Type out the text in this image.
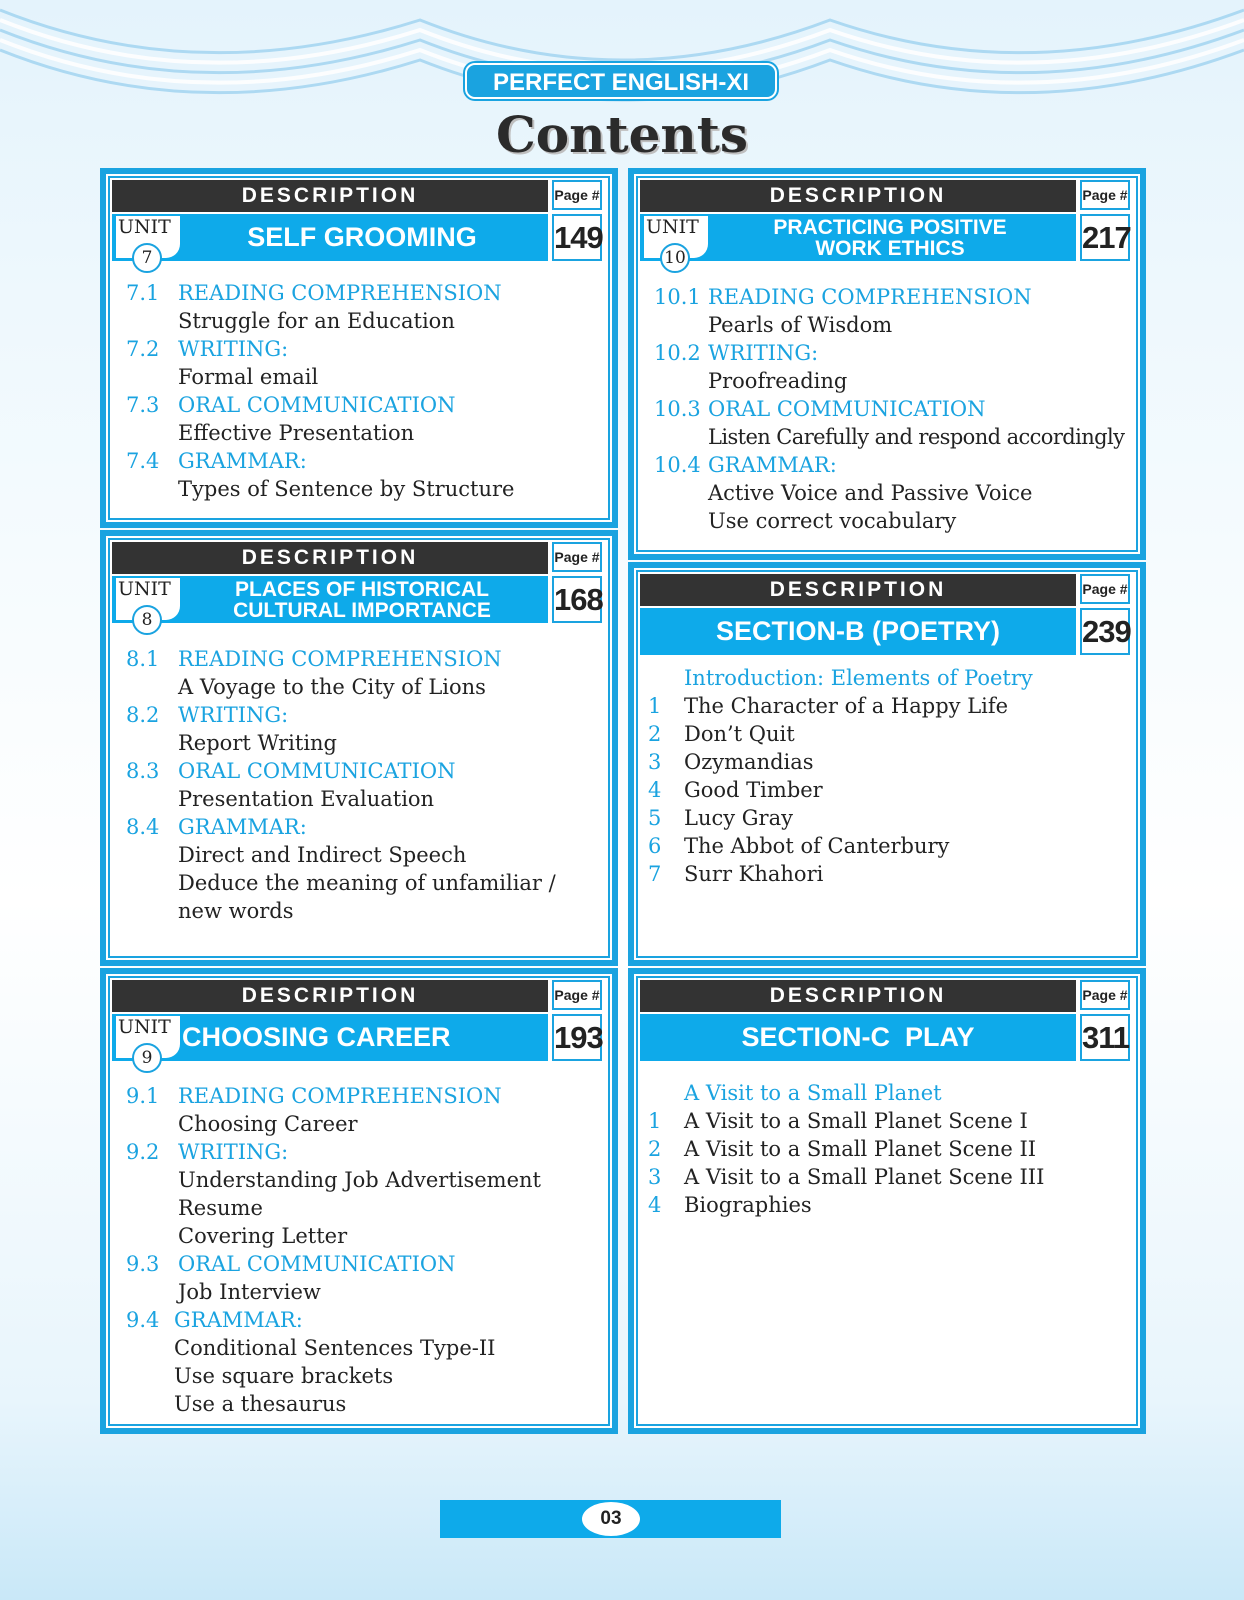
PERFECT ENGLISH-XI
Contents
DESCRIPTION	Page #
UNIT
7
SELF GROOMING	149
7.1 READING COMPREHENSION
Struggle for an Education
7.2 WRITING:
Formal email
7.3 ORAL COMMUNICATION
Effective Presentation
7.4 GRAMMAR:
Types of Sentence by Structure
DESCRIPTION	Page #
UNIT
8
PLACES OF HISTORICAL
CULTURAL IMPORTANCE 168
8.1 READING COMPREHENSION
A Voyage to the City of Lions
8.2 WRITING:
Report Writing
8.3 ORAL COMMUNICATION
Presentation Evaluation
8.4 GRAMMAR:
Direct and Indirect Speech
Deduce the meaning of unfamiliar /
new words
DESCRIPTION	Page #
UNIT
9
CHOOSING CAREER	193
9.1 READING COMPREHENSION
Choosing Career
9.2 WRITING:
Understanding Job Advertisement
Resume
Covering Letter
9.3 ORAL COMMUNICATION
Job Interview
9.4 GRAMMAR:
Conditional Sentences Type-II
Use square brackets
Use a thesaurus
DESCRIPTION	Page #
UNIT
10
PRACTICING POSITIVE
WORK ETHICS	217
10.1 READING COMPREHENSION
Pearls of Wisdom
10.2 WRITING:
Proofreading
10.3 ORAL COMMUNICATION
Listen Carefully and respond accordingly
10.4 GRAMMAR:
Active Voice and Passive Voice
Use correct vocabulary
DESCRIPTION	Page #
SECTION-B (POETRY)	239
Introduction: Elements of Poetry
1 The Character of a Happy Life
2 Don’t Quit
3 Ozymandias
4 Good Timber
5 Lucy Gray
6 The Abbot of Canterbury
7 Surr Khahori
DESCRIPTION	Page #
SECTION-C  PLAY	311
A Visit to a Small Planet
1 A Visit to a Small Planet Scene I
2 A Visit to a Small Planet Scene II
3 A Visit to a Small Planet Scene III
4 Biographies
03
